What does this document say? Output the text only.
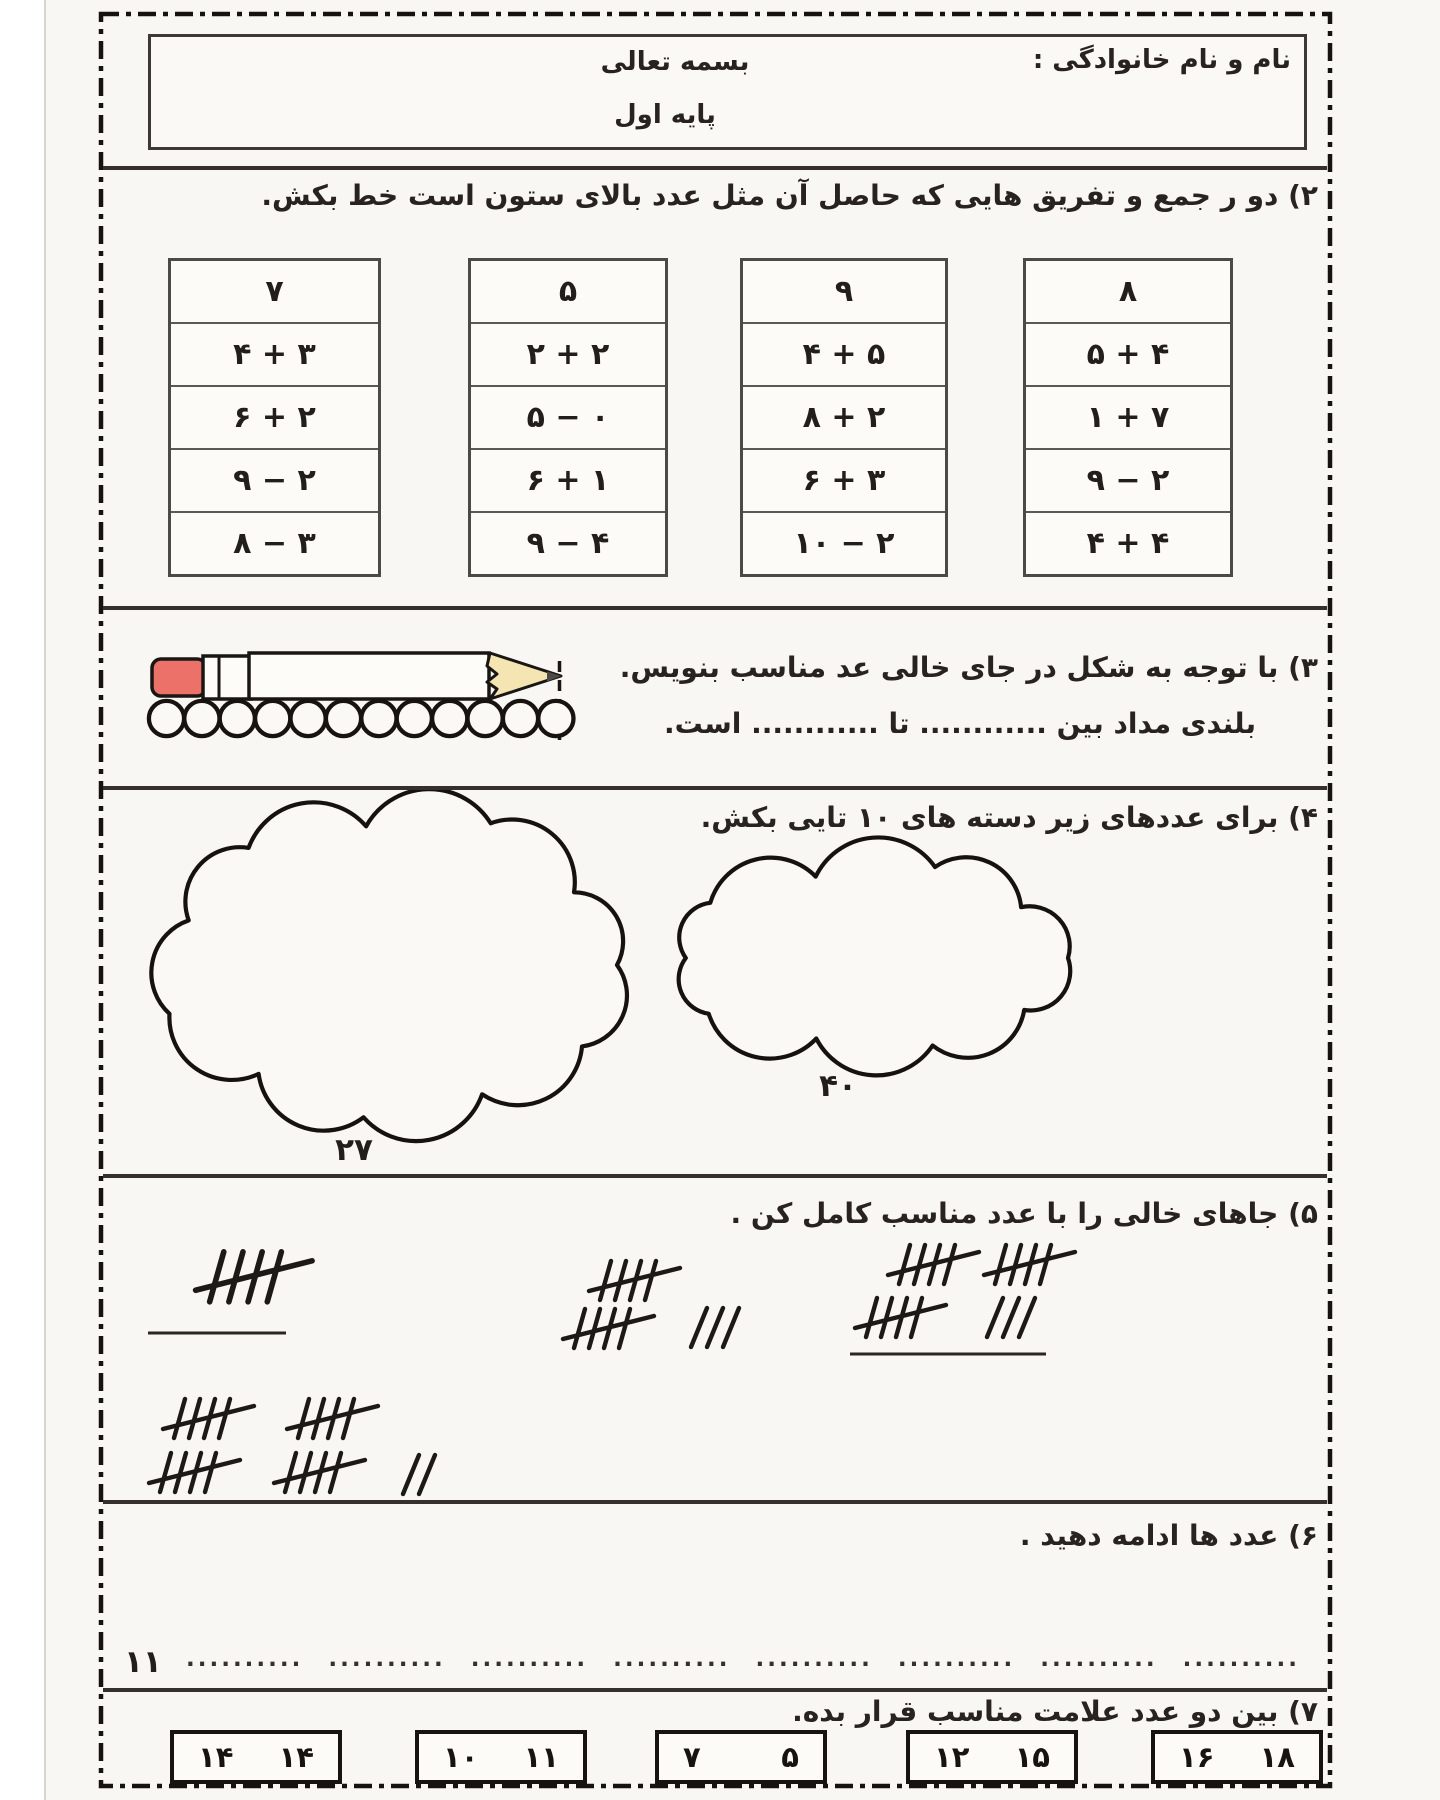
نام و نام خانوادگی :
بسمه تعالی
پایه اول
۲) دو ر جمع و تفریق هایی که حاصل آن مثل عدد بالای ستون است خط بکش.
۷
۴ + ۳
۶ + ۲
۹ − ۲
۸ − ۳
۵
۲ + ۲
۵ − ۰
۶ + ۱
۹ − ۴
۹
۴ + ۵
۸ + ۲
۶ + ۳
۱۰ − ۲
۸
۵ + ۴
۱ + ۷
۹ − ۲
۴ + ۴
۳) با توجه به شکل در جای خالی عد مناسب بنویس.
بلندی مداد بین ............ تا ............ است.
۴) برای عددهای زیر دسته های ۱۰ تایی بکش.
۴۰
۲۷
۵) جاهای خالی را با عدد مناسب کامل کن .
۶) عدد ها ادامه دهید .
۱۱	.......... .......... .......... .......... .......... .......... .......... ..........
۷) بین دو عدد علامت مناسب قرار بده.
۱۴ ۱۴	۱۰ ۱۱	۷	۵	۱۲ ۱۵	۱۶ ۱۸
